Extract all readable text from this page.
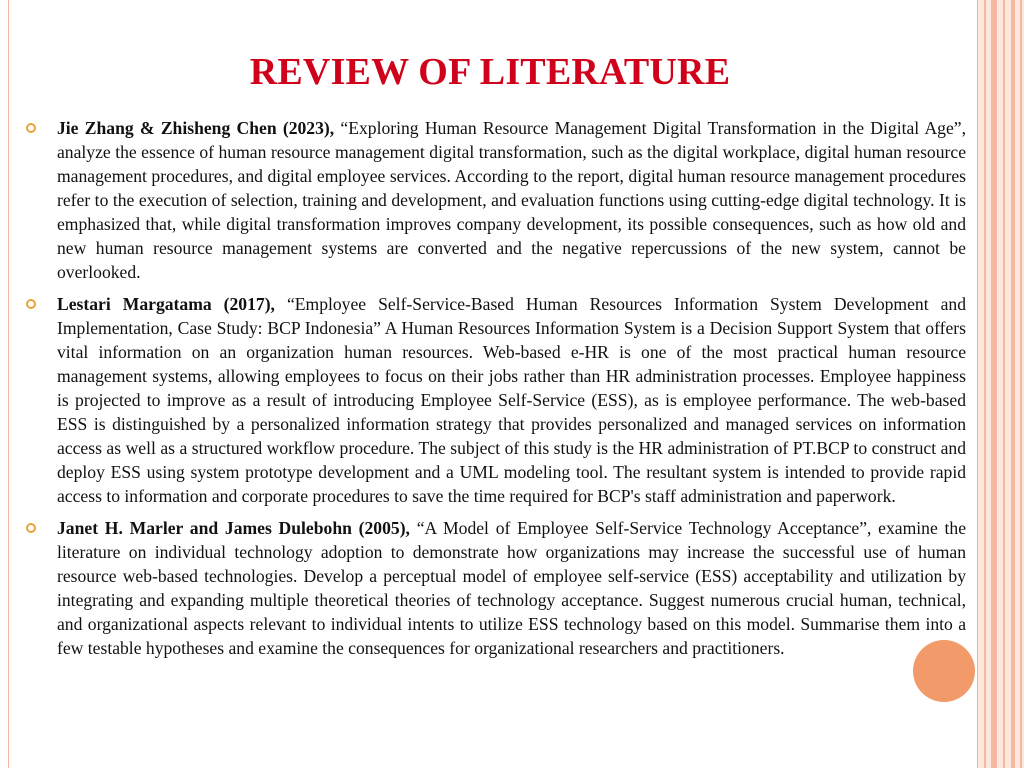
REVIEW OF LITERATURE
Jie Zhang & Zhisheng Chen (2023), “Exploring Human Resource Management Digital Transformation in the Digital Age”, analyze the essence of human resource management digital transformation, such as the digital workplace, digital human resource management procedures, and digital employee services. According to the report, digital human resource management procedures refer to the execution of selection, training and development, and evaluation functions using cutting-edge digital technology. It is emphasized that, while digital transformation improves company development, its possible consequences, such as how old and new human resource management systems are converted and the negative repercussions of the new system, cannot be overlooked.
Lestari Margatama (2017), “Employee Self-Service-Based Human Resources Information System Development and Implementation, Case Study: BCP Indonesia” A Human Resources Information System is a Decision Support System that offers vital information on an organization human resources. Web-based e-HR is one of the most practical human resource management systems, allowing employees to focus on their jobs rather than HR administration processes. Employee happiness is projected to improve as a result of introducing Employee Self-Service (ESS), as is employee performance. The web-based ESS is distinguished by a personalized information strategy that provides personalized and managed services on information access as well as a structured workflow procedure. The subject of this study is the HR administration of PT.BCP to construct and deploy ESS using system prototype development and a UML modeling tool. The resultant system is intended to provide rapid access to information and corporate procedures to save the time required for BCP's staff administration and paperwork.
Janet H. Marler and James Dulebohn (2005), “A Model of Employee Self-Service Technology Acceptance”, examine the literature on individual technology adoption to demonstrate how organizations may increase the successful use of human resource web-based technologies. Develop a perceptual model of employee self-service (ESS) acceptability and utilization by integrating and expanding multiple theoretical theories of technology acceptance. Suggest numerous crucial human, technical, and organizational aspects relevant to individual intents to utilize ESS technology based on this model. Summarise them into a few testable hypotheses and examine the consequences for organizational researchers and practitioners.
